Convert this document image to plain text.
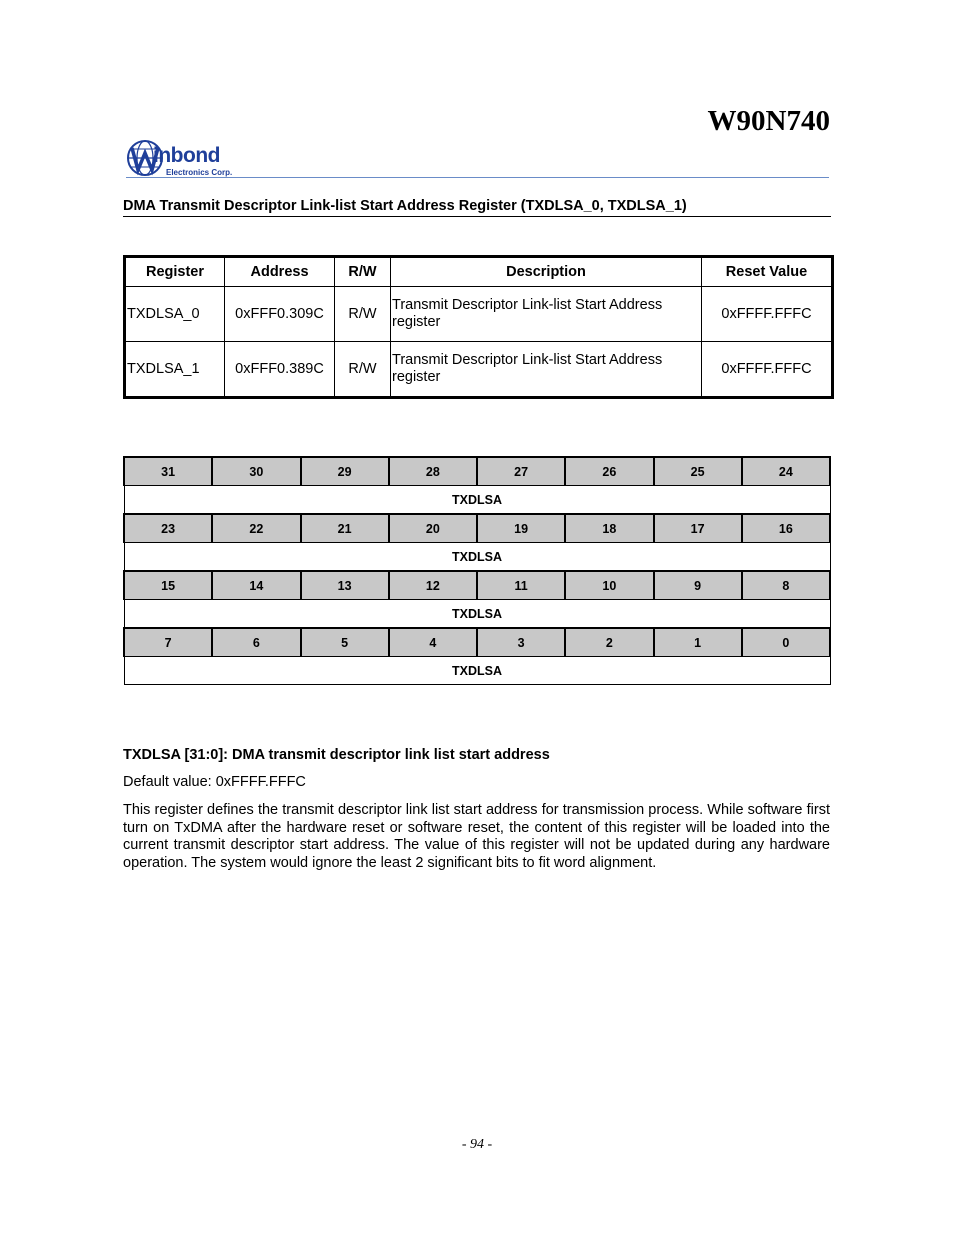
W90N740
inbond
Electronics Corp.
DMA Transmit Descriptor Link-list Start Address Register (TXDLSA_0, TXDLSA_1)
Register	Address	R/W	Description	Reset Value
TXDLSA_0	0xFFF0.309C	R/W	Transmit Descriptor Link-list Start Address register	0xFFFF.FFFC
TXDLSA_1	0xFFF0.389C	R/W	Transmit Descriptor Link-list Start Address register	0xFFFF.FFFC
31	30	29	28	27	26	25	24
TXDLSA							
23	22	21	20	19	18	17	16
TXDLSA							
15	14	13	12	11	10	9	8
TXDLSA							
7	6	5	4	3	2	1	0
TXDLSA							
TXDLSA [31:0]: DMA transmit descriptor link list start address
Default value: 0xFFFF.FFFC

This register defines the transmit descriptor link list start address for transmission process. While software first turn on TxDMA after the hardware reset or software reset, the content of this register will be loaded into the current transmit descriptor start address. The value of this register will not be updated during any hardware operation. The system would ignore the least 2 significant bits to fit word alignment.

- 94 -
